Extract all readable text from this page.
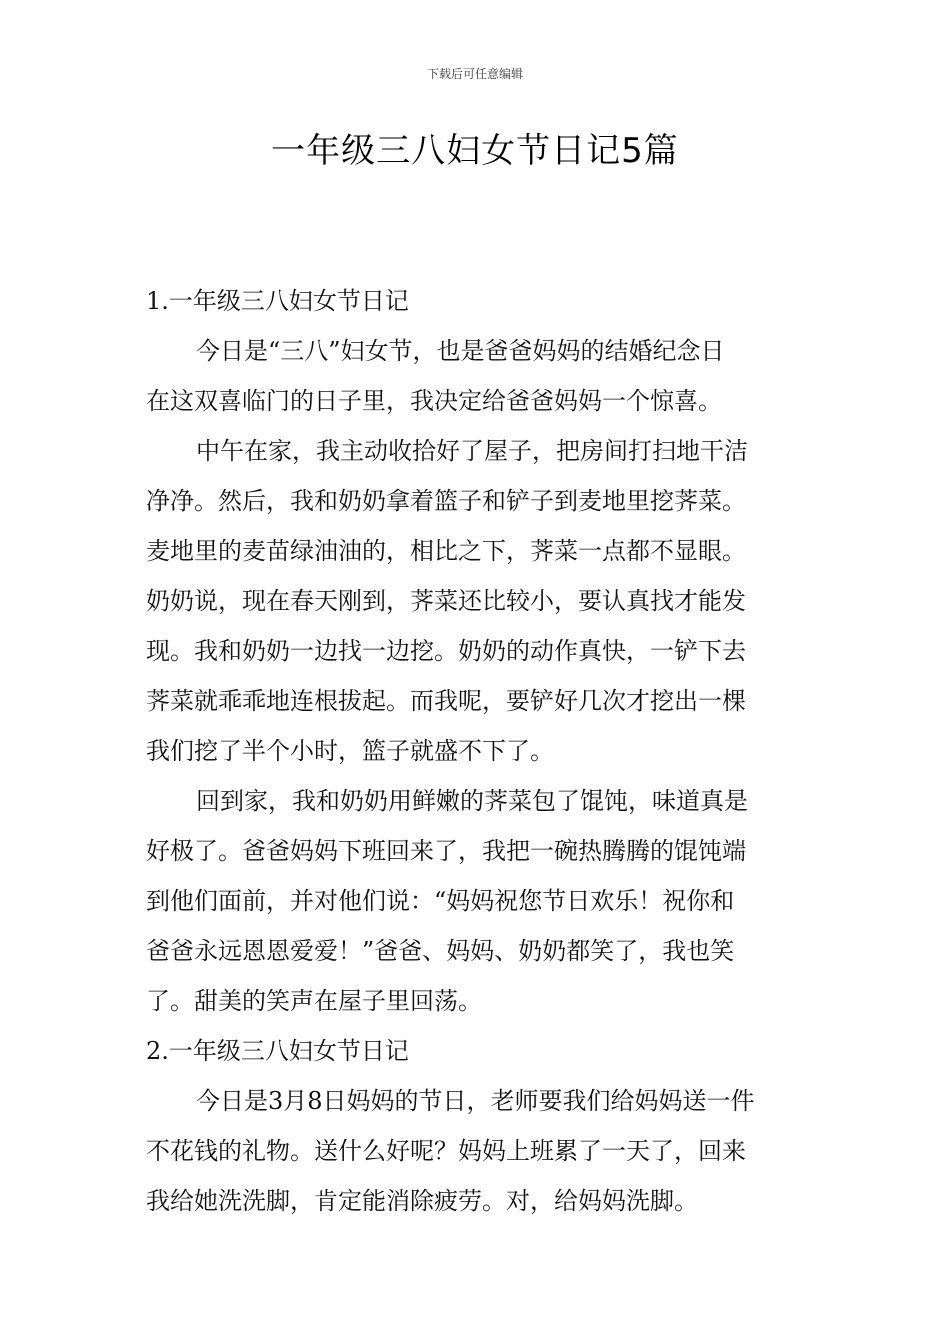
下载后可任意编辑
一年级三八妇女节日记5篇
1.一年级三八妇女节日记
今日是“三八”妇女节，也是爸爸妈妈的结婚纪念日
在这双喜临门的日子里，我决定给爸爸妈妈一个惊喜。
中午在家，我主动收拾好了屋子，把房间打扫地干洁
净净。然后，我和奶奶拿着篮子和铲子到麦地里挖荠菜。
麦地里的麦苗绿油油的，相比之下，荠菜一点都不显眼。
奶奶说，现在春天刚到，荠菜还比较小，要认真找才能发
现。我和奶奶一边找一边挖。奶奶的动作真快，一铲下去
荠菜就乖乖地连根拔起。而我呢，要铲好几次才挖出一棵
我们挖了半个小时，篮子就盛不下了。
回到家，我和奶奶用鲜嫩的荠菜包了馄饨，味道真是
好极了。爸爸妈妈下班回来了，我把一碗热腾腾的馄饨端
到他们面前，并对他们说：“妈妈祝您节日欢乐！祝你和
爸爸永远恩恩爱爱！”爸爸、妈妈、奶奶都笑了，我也笑
了。甜美的笑声在屋子里回荡。
2.一年级三八妇女节日记
今日是3月8日妈妈的节日，老师要我们给妈妈送一件
不花钱的礼物。送什么好呢？妈妈上班累了一天了，回来
我给她洗洗脚，肯定能消除疲劳。对，给妈妈洗脚。
